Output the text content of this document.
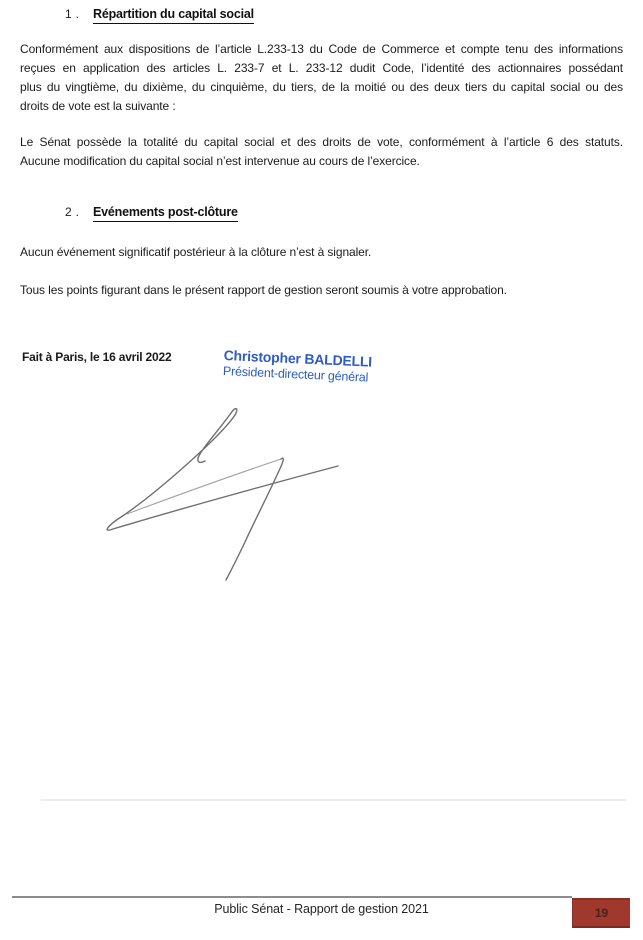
1. Répartition du capital social
Conformément aux dispositions de l’article L.233-13 du Code de Commerce et compte tenu des informations
reçues en application des articles L. 233-7 et L. 233-12 dudit Code, l’identité des actionnaires possédant
plus du vingtième, du dixième, du cinquième, du tiers, de la moitié ou des deux tiers du capital social ou des
droits de vote est la suivante :
Le Sénat possède la totalité du capital social et des droits de vote, conformément à l’article 6 des statuts.
Aucune modification du capital social n’est intervenue au cours de l’exercice.
2. Evénements post-clôture
Aucun événement significatif postérieur à la clôture n’est à signaler.
Tous les points figurant dans le présent rapport de gestion seront soumis à votre approbation.
Fait à Paris, le 16 avril 2022	Christopher BALDELLI
Président-directeur général
Public Sénat - Rapport de gestion 2021	19
